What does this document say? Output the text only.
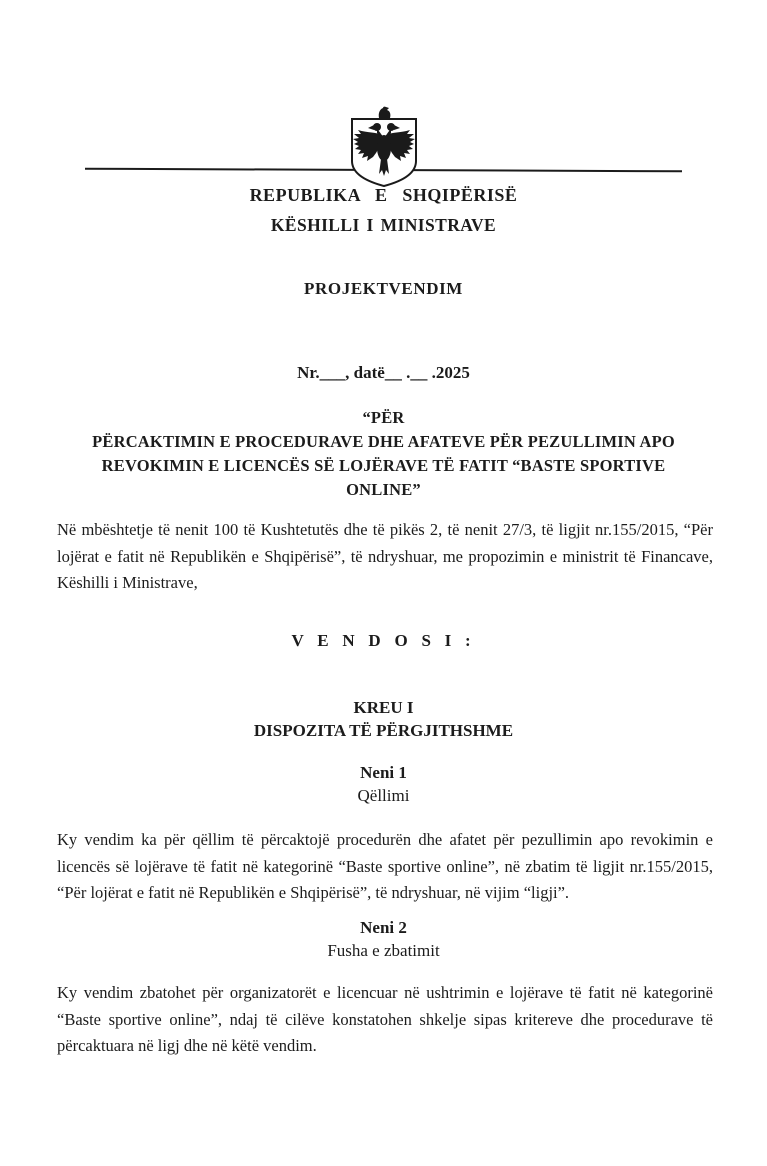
REPUBLIKA E SHQIPËRISË
KËSHILLI I MINISTRAVE
PROJEKTVENDIM
Nr.___, datë__ .__ .2025
“PËR
PËRCAKTIMIN E PROCEDURAVE DHE AFATEVE PËR PEZULLIMIN APO
REVOKIMIN E LICENCËS SË LOJËRAVE TË FATIT “BASTE SPORTIVE
ONLINE”
Në mbështetje të nenit 100 të Kushtetutës dhe të pikës 2, të nenit 27/3, të ligjit nr.155/2015, “Për lojërat e fatit në Republikën e Shqipërisë”, të ndryshuar, me propozimin e ministrit të Financave, Këshilli i Ministrave,
V E N D O S I :
KREU I
DISPOZITA TË PËRGJITHSHME
Neni 1
Qëllimi
Ky vendim ka për qëllim të përcaktojë procedurën dhe afatet për pezullimin apo revokimin e licencës së lojërave të fatit në kategorinë “Baste sportive online”, në zbatim të ligjit nr.155/2015, “Për lojërat e fatit në Republikën e Shqipërisë”, të ndryshuar, në vijim “ligji”.
Neni 2
Fusha e zbatimit
Ky vendim zbatohet për organizatorët e licencuar në ushtrimin e lojërave të fatit në kategorinë “Baste sportive online”, ndaj të cilëve konstatohen shkelje sipas kritereve dhe procedurave të përcaktuara në ligj dhe në këtë vendim.
